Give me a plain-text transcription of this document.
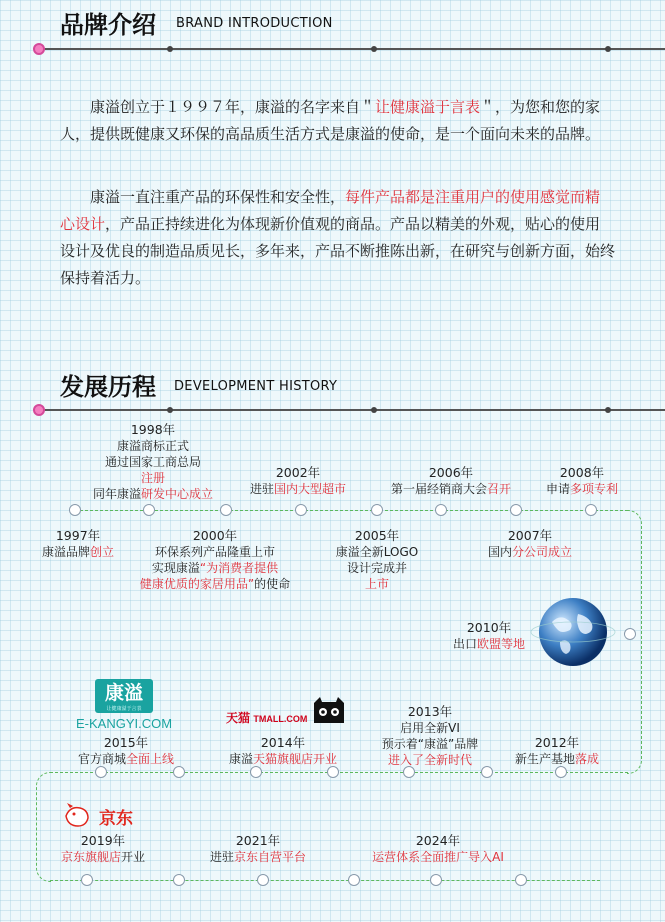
品牌介绍 BRAND INTRODUCTION
康溢创立于１９９７年，康溢的名字来自＂让健康溢于言表＂，为您和您的家人，提供既健康又环保的高品质生活方式是康溢的使命，是一个面向未来的品牌。
康溢一直注重产品的环保性和安全性，每件产品都是注重用户的使用感觉而精心设计，产品正持续进化为体现新价值观的商品。产品以精美的外观，贴心的使用设计及优良的制造品质见长，多年来，产品不断推陈出新，在研究与创新方面，始终保持着活力。
发展历程 DEVELOPMENT HISTORY
1998年
康溢商标正式
通过国家工商总局
注册
同年康溢研发中心成立
2002年
进驻国内大型超市
2006年
第一届经销商大会召开
2008年
申请多项专利
1997年
康溢品牌创立
2000年
环保系列产品隆重上市
实现康溢“为消费者提供
健康优质的家居用品”的使命
2005年
康溢全新LOGO
设计完成并
上市
2007年
国内分公司成立
2010年
出口欧盟等地
康溢
让健康溢于言表
E-KANGYI.COM
2015年
官方商城全面上线
天猫 TMALL.COM
2014年
康溢天猫旗舰店开业
2013年
启用全新VI
预示着“康溢”品牌
进入了全新时代
2012年
新生产基地落成
京东
2019年
京东旗舰店开业
2021年
进驻京东自营平台
2024年
运营体系全面推广导入AI
